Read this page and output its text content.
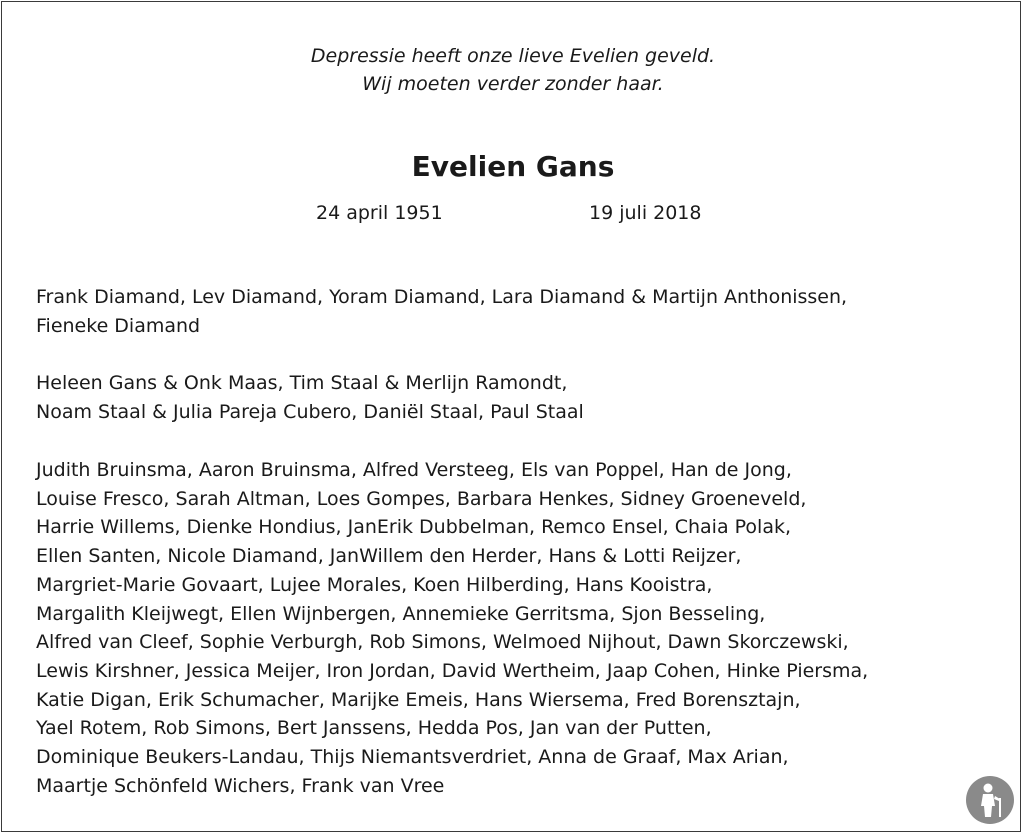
Depressie heeft onze lieve Evelien geveld.
Wij moeten verder zonder haar.
Evelien Gans
24 april 1951	19 juli 2018
Frank Diamand, Lev Diamand, Yoram Diamand, Lara Diamand & Martijn Anthonissen,
Fieneke Diamand
Heleen Gans & Onk Maas, Tim Staal & Merlijn Ramondt,
Noam Staal & Julia Pareja Cubero, Daniël Staal, Paul Staal
Judith Bruinsma, Aaron Bruinsma, Alfred Versteeg, Els van Poppel, Han de Jong,
Louise Fresco, Sarah Altman, Loes Gompes, Barbara Henkes, Sidney Groeneveld,
Harrie Willems, Dienke Hondius, JanErik Dubbelman, Remco Ensel, Chaia Polak,
Ellen Santen, Nicole Diamand, JanWillem den Herder, Hans & Lotti Reijzer,
Margriet-Marie Govaart, Lujee Morales, Koen Hilberding, Hans Kooistra,
Margalith Kleijwegt, Ellen Wijnbergen, Annemieke Gerritsma, Sjon Besseling,
Alfred van Cleef, Sophie Verburgh, Rob Simons, Welmoed Nijhout, Dawn Skorczewski,
Lewis Kirshner, Jessica Meijer, Iron Jordan, David Wertheim, Jaap Cohen, Hinke Piersma,
Katie Digan, Erik Schumacher, Marijke Emeis, Hans Wiersema, Fred Borensztajn,
Yael Rotem, Rob Simons, Bert Janssens, Hedda Pos, Jan van der Putten,
Dominique Beukers-Landau, Thijs Niemantsverdriet, Anna de Graaf, Max Arian,
Maartje Schönfeld Wichers, Frank van Vree
